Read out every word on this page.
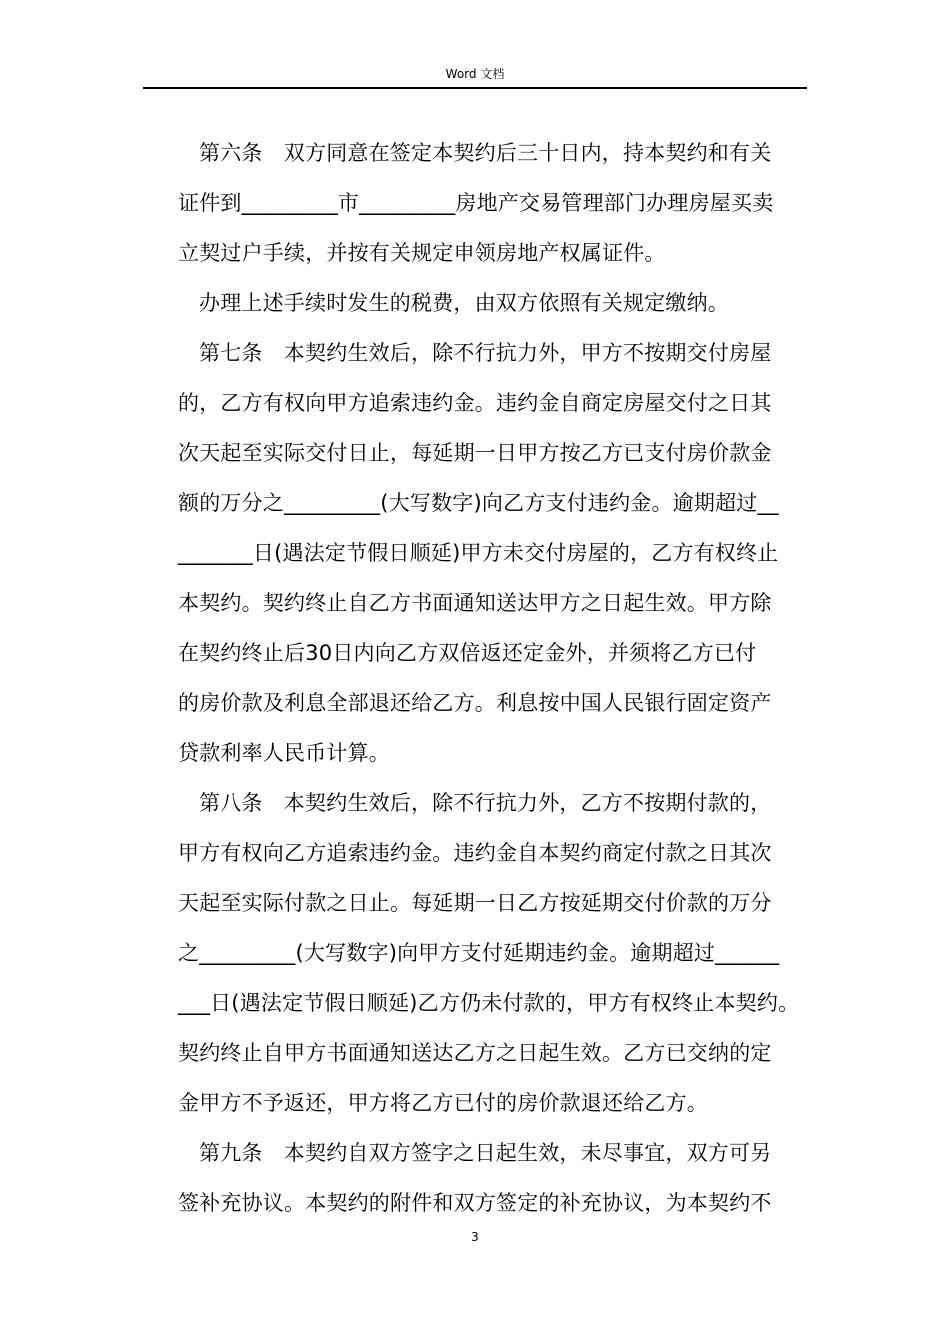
Word 文档
第六条　双方同意在签定本契约后三十日内，持本契约和有关
证件到_________市_________房地产交易管理部门办理房屋买卖
立契过户手续，并按有关规定申领房地产权属证件。
办理上述手续时发生的税费，由双方依照有关规定缴纳。
第七条　本契约生效后，除不行抗力外，甲方不按期交付房屋
的，乙方有权向甲方追索违约金。违约金自商定房屋交付之日其
次天起至实际交付日止，每延期一日甲方按乙方已支付房价款金
额的万分之_________(大写数字)向乙方支付违约金。逾期超过__
_______日(遇法定节假日顺延)甲方未交付房屋的，乙方有权终止
本契约。契约终止自乙方书面通知送达甲方之日起生效。甲方除
在契约终止后30日内向乙方双倍返还定金外，并须将乙方已付
的房价款及利息全部退还给乙方。利息按中国人民银行固定资产
贷款利率人民币计算。
第八条　本契约生效后，除不行抗力外，乙方不按期付款的，
甲方有权向乙方追索违约金。违约金自本契约商定付款之日其次
天起至实际付款之日止。每延期一日乙方按延期交付价款的万分
之_________(大写数字)向甲方支付延期违约金。逾期超过______
___日(遇法定节假日顺延)乙方仍未付款的，甲方有权终止本契约。
契约终止自甲方书面通知送达乙方之日起生效。乙方已交纳的定
金甲方不予返还，甲方将乙方已付的房价款退还给乙方。
第九条　本契约自双方签字之日起生效，未尽事宜，双方可另
签补充协议。本契约的附件和双方签定的补充协议，为本契约不
3
